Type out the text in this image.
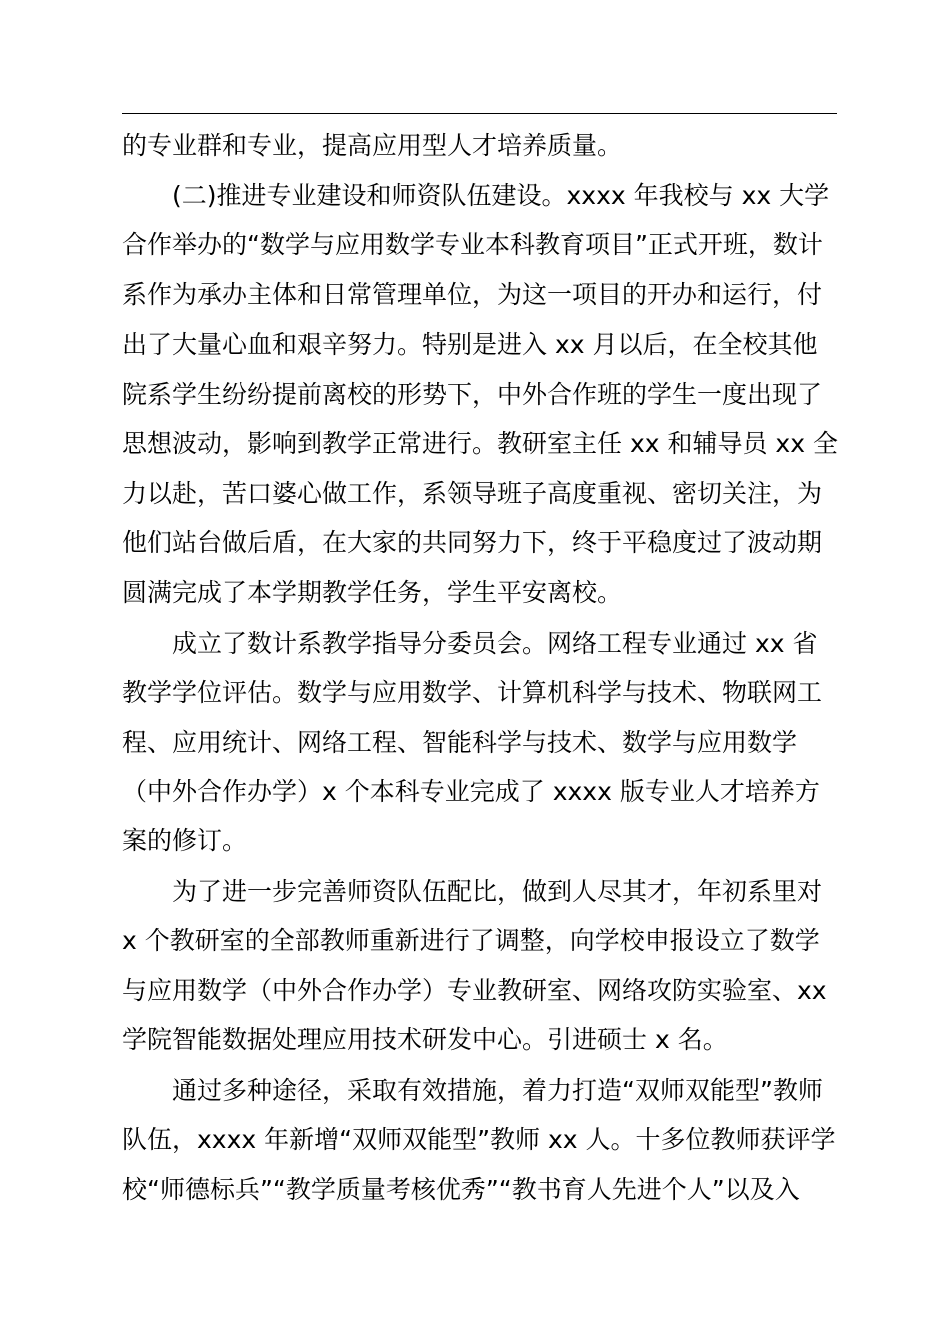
的专业群和专业，提高应用型人才培养质量。
(二)推进专业建设和师资队伍建设。xxxx 年我校与 xx 大学
合作举办的“数学与应用数学专业本科教育项目”正式开班，数计
系作为承办主体和日常管理单位，为这一项目的开办和运行，付
出了大量心血和艰辛努力。特别是进入 xx 月以后，在全校其他
院系学生纷纷提前离校的形势下，中外合作班的学生一度出现了
思想波动，影响到教学正常进行。教研室主任 xx 和辅导员 xx 全
力以赴，苦口婆心做工作，系领导班子高度重视、密切关注，为
他们站台做后盾，在大家的共同努力下，终于平稳度过了波动期
圆满完成了本学期教学任务，学生平安离校。
成立了数计系教学指导分委员会。网络工程专业通过 xx 省
教学学位评估。数学与应用数学、计算机科学与技术、物联网工
程、应用统计、网络工程、智能科学与技术、数学与应用数学
（中外合作办学）x 个本科专业完成了 xxxx 版专业人才培养方
案的修订。
为了进一步完善师资队伍配比，做到人尽其才，年初系里对
x 个教研室的全部教师重新进行了调整，向学校申报设立了数学
与应用数学（中外合作办学）专业教研室、网络攻防实验室、xx
学院智能数据处理应用技术研发中心。引进硕士 x 名。
通过多种途径，采取有效措施，着力打造“双师双能型”教师
队伍，xxxx 年新增“双师双能型”教师 xx 人。十多位教师获评学
校“师德标兵”“教学质量考核优秀”“教书育人先进个人”以及入
